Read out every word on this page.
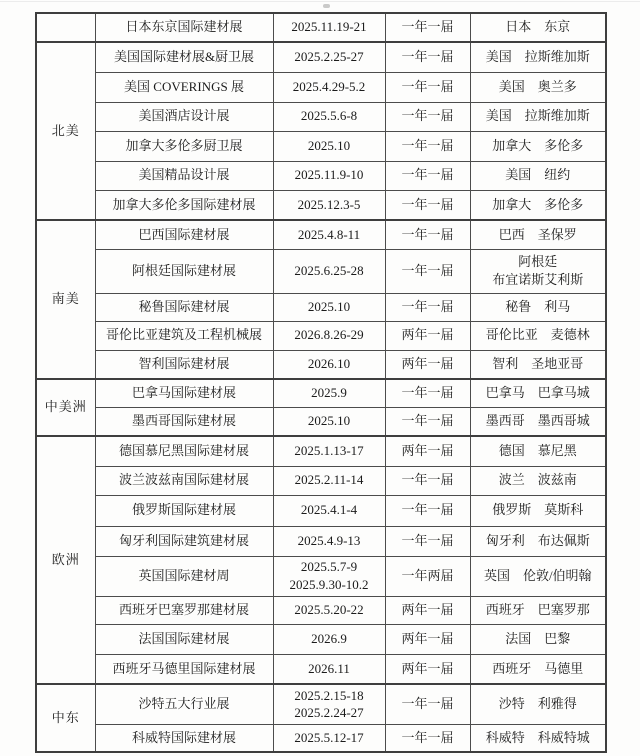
	日本东京国际建材展	2025.11.19-21	一年一届	日本　东京
北美	美国国际建材展&厨卫展	2025.2.25-27	一年一届	美国　拉斯维加斯
	美国 COVERINGS 展	2025.4.29-5.2	一年一届	美国　奥兰多
	美国酒店设计展	2025.5.6-8	一年一届	美国　拉斯维加斯
	加拿大多伦多厨卫展	2025.10	一年一届	加拿大　多伦多
	美国精品设计展	2025.11.9-10	一年一届	美国　纽约
	加拿大多伦多国际建材展	2025.12.3-5	一年一届	加拿大　多伦多
南美	巴西国际建材展	2025.4.8-11	一年一届	巴西　圣保罗
	阿根廷国际建材展	2025.6.25-28	一年一届	阿根廷
布宜诺斯艾利斯

	秘鲁国际建材展	2025.10	一年一届	秘鲁　利马
	哥伦比亚建筑及工程机械展	2026.8.26-29	两年一届	哥伦比亚　麦德林
	智利国际建材展	2026.10	两年一届	智利　圣地亚哥
中美洲	巴拿马国际建材展	2025.9	一年一届	巴拿马　巴拿马城
	墨西哥国际建材展	2025.10	一年一届	墨西哥　墨西哥城
欧洲	德国慕尼黑国际建材展	2025.1.13-17	两年一届	德国　慕尼黑
	波兰波兹南国际建材展	2025.2.11-14	一年一届	波兰　波兹南
	俄罗斯国际建材展	2025.4.1-4	一年一届	俄罗斯　莫斯科
	匈牙利国际建筑建材展	2025.4.9-13	一年一届	匈牙利　布达佩斯
	英国国际建材周	2025.5.7-9
2025.9.30-10.2	一年两届	英国　伦敦/伯明翰
	西班牙巴塞罗那建材展	2025.5.20-22	两年一届	西班牙　巴塞罗那
	法国国际建材展	2026.9	两年一届	法国　巴黎
	西班牙马德里国际建材展	2026.11	两年一届	西班牙　马德里
中东	沙特五大行业展	2025.2.15-18
2025.2.24-27	一年一届	沙特　利雅得
	科威特国际建材展	2025.5.12-17	一年一届	科威特　科威特城
